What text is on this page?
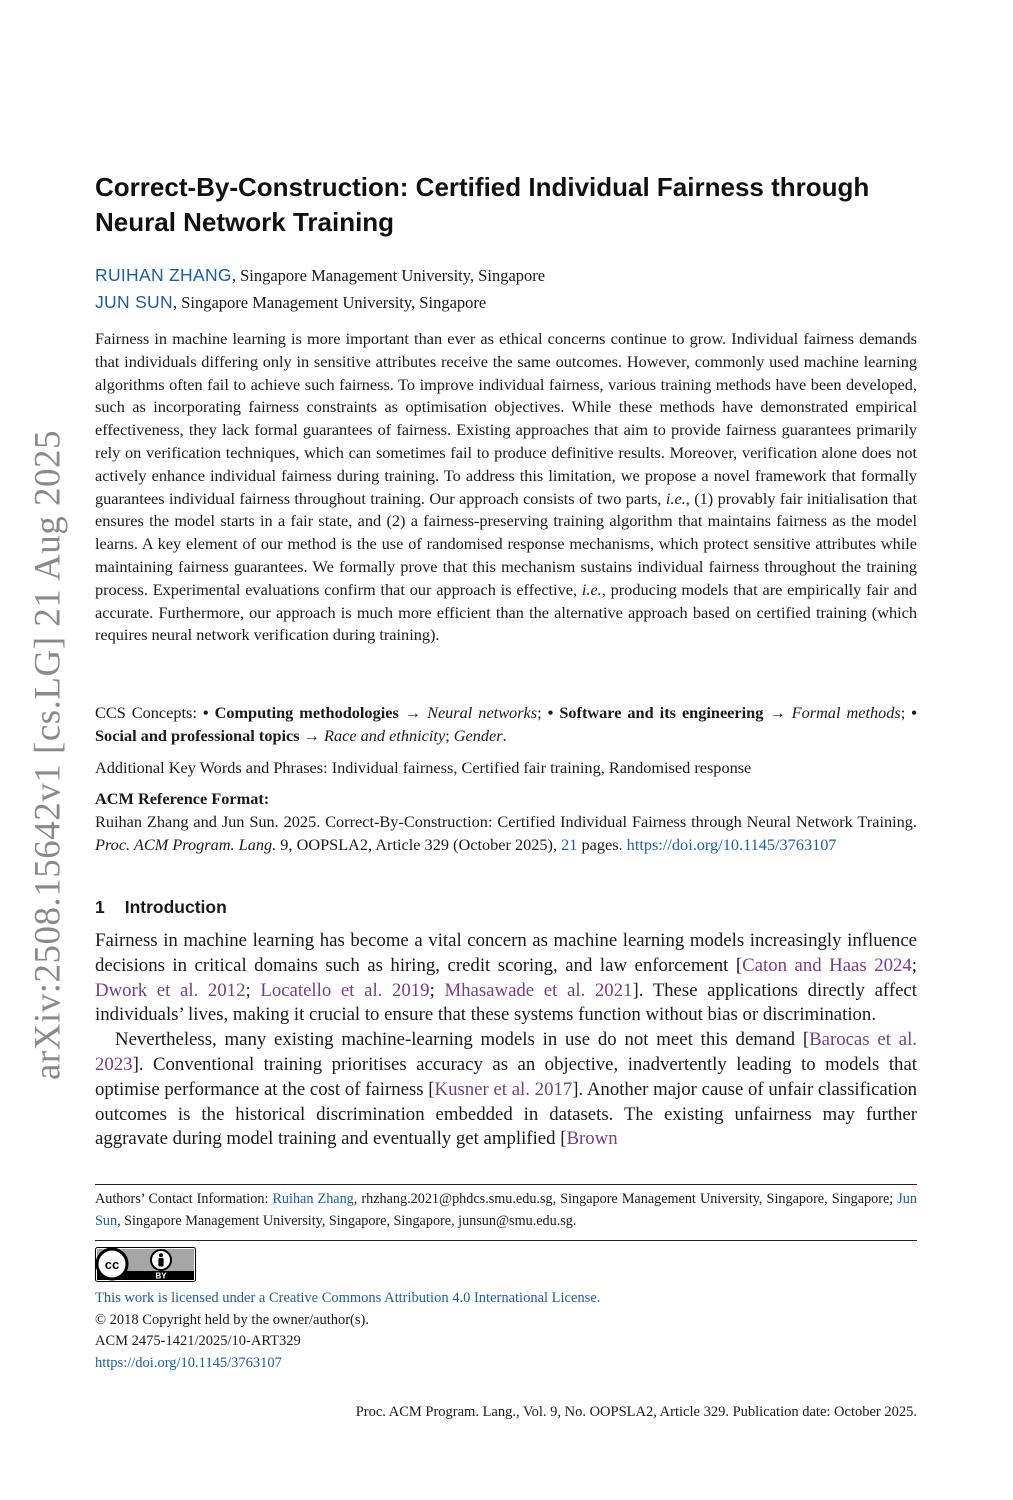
arXiv:2508.15642v1 [cs.LG] 21 Aug 2025
Correct-By-Construction: Certified Individual Fairness through Neural Network Training
RUIHAN ZHANG, Singapore Management University, Singapore
JUN SUN, Singapore Management University, Singapore

Fairness in machine learning is more important than ever as ethical concerns continue to grow. Individual fairness demands that individuals differing only in sensitive attributes receive the same outcomes. However, commonly used machine learning algorithms often fail to achieve such fairness. To improve individual fairness, various training methods have been developed, such as incorporating fairness constraints as optimisation objectives. While these methods have demonstrated empirical effectiveness, they lack formal guarantees of fairness. Existing approaches that aim to provide fairness guarantees primarily rely on verification techniques, which can sometimes fail to produce definitive results. Moreover, verification alone does not actively enhance individual fairness during training. To address this limitation, we propose a novel framework that formally guarantees individual fairness throughout training. Our approach consists of two parts, i.e., (1) provably fair initialisation that ensures the model starts in a fair state, and (2) a fairness-preserving training algorithm that maintains fairness as the model learns. A key element of our method is the use of randomised response mechanisms, which protect sensitive attributes while maintaining fairness guarantees. We formally prove that this mechanism sustains individual fairness throughout the training process. Experimental evaluations confirm that our approach is effective, i.e., producing models that are empirically fair and accurate. Furthermore, our approach is much more efficient than the alternative approach based on certified training (which requires neural network verification during training).

CCS Concepts: • Computing methodologies → Neural networks; • Software and its engineering → Formal methods; • Social and professional topics → Race and ethnicity; Gender.

Additional Key Words and Phrases: Individual fairness, Certified fair training, Randomised response

ACM Reference Format:
Ruihan Zhang and Jun Sun. 2025. Correct-By-Construction: Certified Individual Fairness through Neural Network Training. Proc. ACM Program. Lang. 9, OOPSLA2, Article 329 (October 2025), 21 pages. https://doi.org/10.1145/3763107
1 Introduction

Fairness in machine learning has become a vital concern as machine learning models increasingly influence decisions in critical domains such as hiring, credit scoring, and law enforcement [Caton and Haas 2024; Dwork et al. 2012; Locatello et al. 2019; Mhasawade et al. 2021]. These applications directly affect individuals’ lives, making it crucial to ensure that these systems function without bias or discrimination.

Nevertheless, many existing machine-learning models in use do not meet this demand [Barocas et al. 2023]. Conventional training prioritises accuracy as an objective, inadvertently leading to models that optimise performance at the cost of fairness [Kusner et al. 2017]. Another major cause of unfair classification outcomes is the historical discrimination embedded in datasets. The existing unfairness may further aggravate during model training and eventually get amplified [Brown

Authors’ Contact Information: Ruihan Zhang, rhzhang.2021@phdcs.smu.edu.sg, Singapore Management University, Singapore, Singapore; Jun Sun, Singapore Management University, Singapore, Singapore, junsun@smu.edu.sg.
cc
BY
This work is licensed under a Creative Commons Attribution 4.0 International License.
© 2018 Copyright held by the owner/author(s).
ACM 2475-1421/2025/10-ART329
https://doi.org/10.1145/3763107
Proc. ACM Program. Lang., Vol. 9, No. OOPSLA2, Article 329. Publication date: October 2025.
